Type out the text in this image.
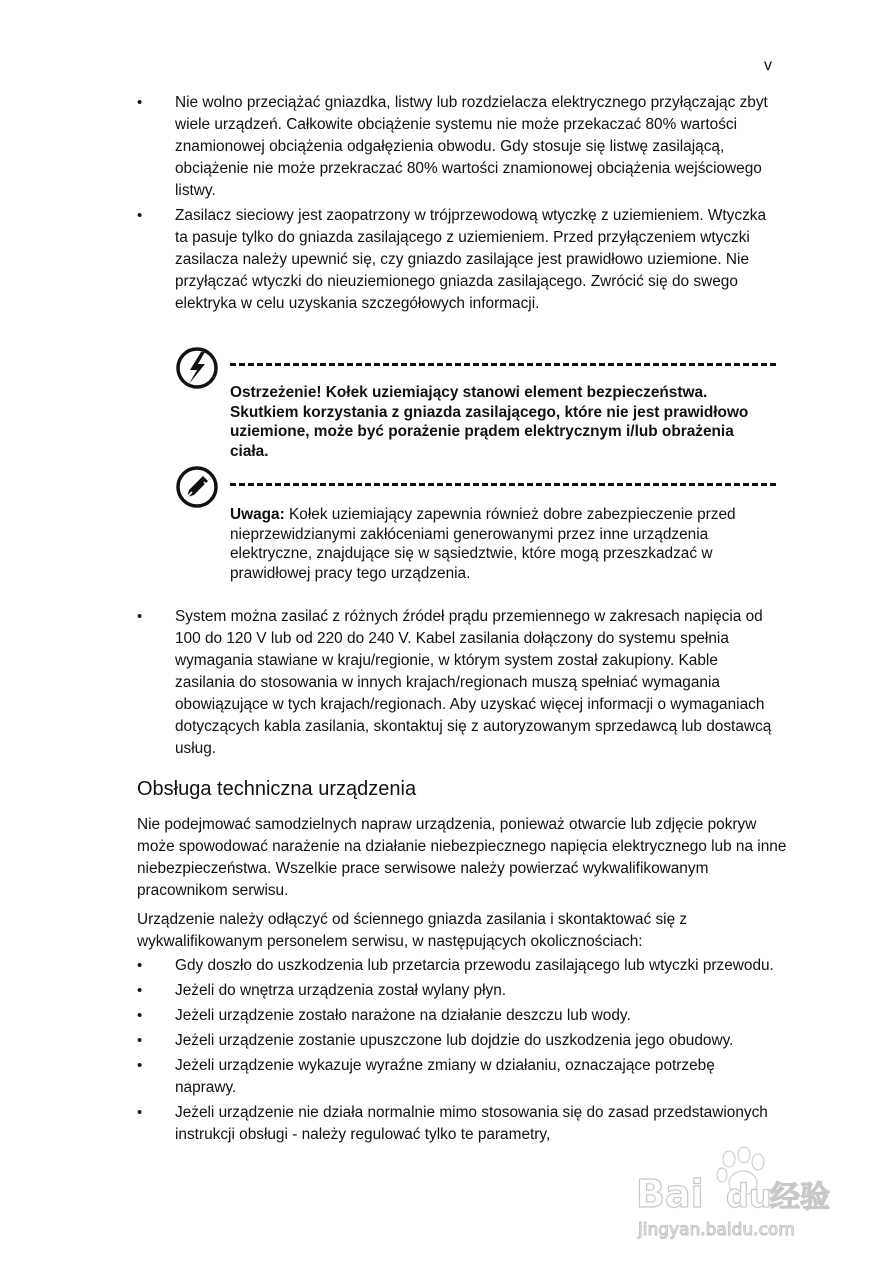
v
• Nie wolno przeciążać gniazdka, listwy lub rozdzielacza elektrycznego przyłączając zbyt wiele urządzeń. Całkowite obciążenie systemu nie może przekaczać 80% wartości znamionowej obciążenia odgałęzienia obwodu. Gdy stosuje się listwę zasilającą, obciążenie nie może przekraczać 80% wartości znamionowej obciążenia wejściowego listwy.
• Zasilacz sieciowy jest zaopatrzony w trójprzewodową wtyczkę z uziemieniem. Wtyczka ta pasuje tylko do gniazda zasilającego z uziemieniem. Przed przyłączeniem wtyczki zasilacza należy upewnić się, czy gniazdo zasilające jest prawidłowo uziemione. Nie przyłączać wtyczki do nieuziemionego gniazda zasilającego. Zwrócić się do swego elektryka w celu uzyskania szczegółowych informacji.
Ostrzeżenie! Kołek uziemiający stanowi element bezpieczeństwa. Skutkiem korzystania z gniazda zasilającego, które nie jest prawidłowo uziemione, może być porażenie prądem elektrycznym i/lub obrażenia ciała.
Uwaga: Kołek uziemiający zapewnia również dobre zabezpieczenie przed nieprzewidzianymi zakłóceniami generowanymi przez inne urządzenia elektryczne, znajdujące się w sąsiedztwie, które mogą przeszkadzać w prawidłowej pracy tego urządzenia.
• System można zasilać z różnych źródeł prądu przemiennego w zakresach napięcia od 100 do 120 V lub od 220 do 240 V. Kabel zasilania dołączony do systemu spełnia wymagania stawiane w kraju/regionie, w którym system został zakupiony. Kable zasilania do stosowania w innych krajach/regionach muszą spełniać wymagania obowiązujące w tych krajach/regionach. Aby uzyskać więcej informacji o wymaganiach dotyczących kabla zasilania, skontaktuj się z autoryzowanym sprzedawcą lub dostawcą usług.
Obsługa techniczna urządzenia
Nie podejmować samodzielnych napraw urządzenia, ponieważ otwarcie lub zdjęcie pokryw może spowodować narażenie na działanie niebezpiecznego napięcia elektrycznego lub na inne niebezpieczeństwa. Wszelkie prace serwisowe należy powierzać wykwalifikowanym pracownikom serwisu.
Urządzenie należy odłączyć od ściennego gniazda zasilania i skontaktować się z wykwalifikowanym personelem serwisu, w następujących okolicznościach:
• Gdy doszło do uszkodzenia lub przetarcia przewodu zasilającego lub wtyczki przewodu.
• Jeżeli do wnętrza urządzenia został wylany płyn.
• Jeżeli urządzenie zostało narażone na działanie deszczu lub wody.
• Jeżeli urządzenie zostanie upuszczone lub dojdzie do uszkodzenia jego obudowy.
• Jeżeli urządzenie wykazuje wyraźne zmiany w działaniu, oznaczające potrzebę naprawy.
• Jeżeli urządzenie nie działa normalnie mimo stosowania się do zasad przedstawionych instrukcji obsługi - należy regulować tylko te parametry,
Bai du
经验
jingyan.baidu.com
